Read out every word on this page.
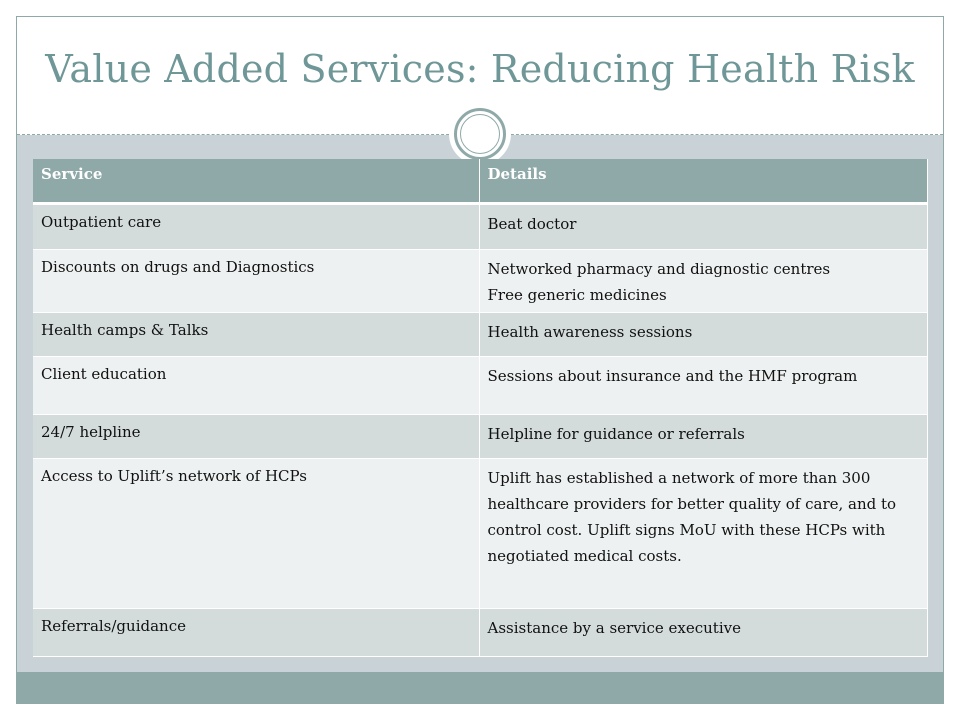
Value Added Services: Reducing Health Risk
Service	Details
Outpatient care	Beat doctor

Discounts on drugs and Diagnostics	Networked pharmacy and diagnostic centres
Free generic medicines

Health camps & Talks	Health awareness sessions

Client education	Sessions about insurance and the HMF program

24/7 helpline	Helpline for guidance or referrals

Access to Uplift’s network of HCPs	Uplift has established a network of more than 300 healthcare providers for better quality of care, and to control cost. Uplift signs MoU with these HCPs with negotiated medical costs.

Referrals/guidance	Assistance by a service executive
